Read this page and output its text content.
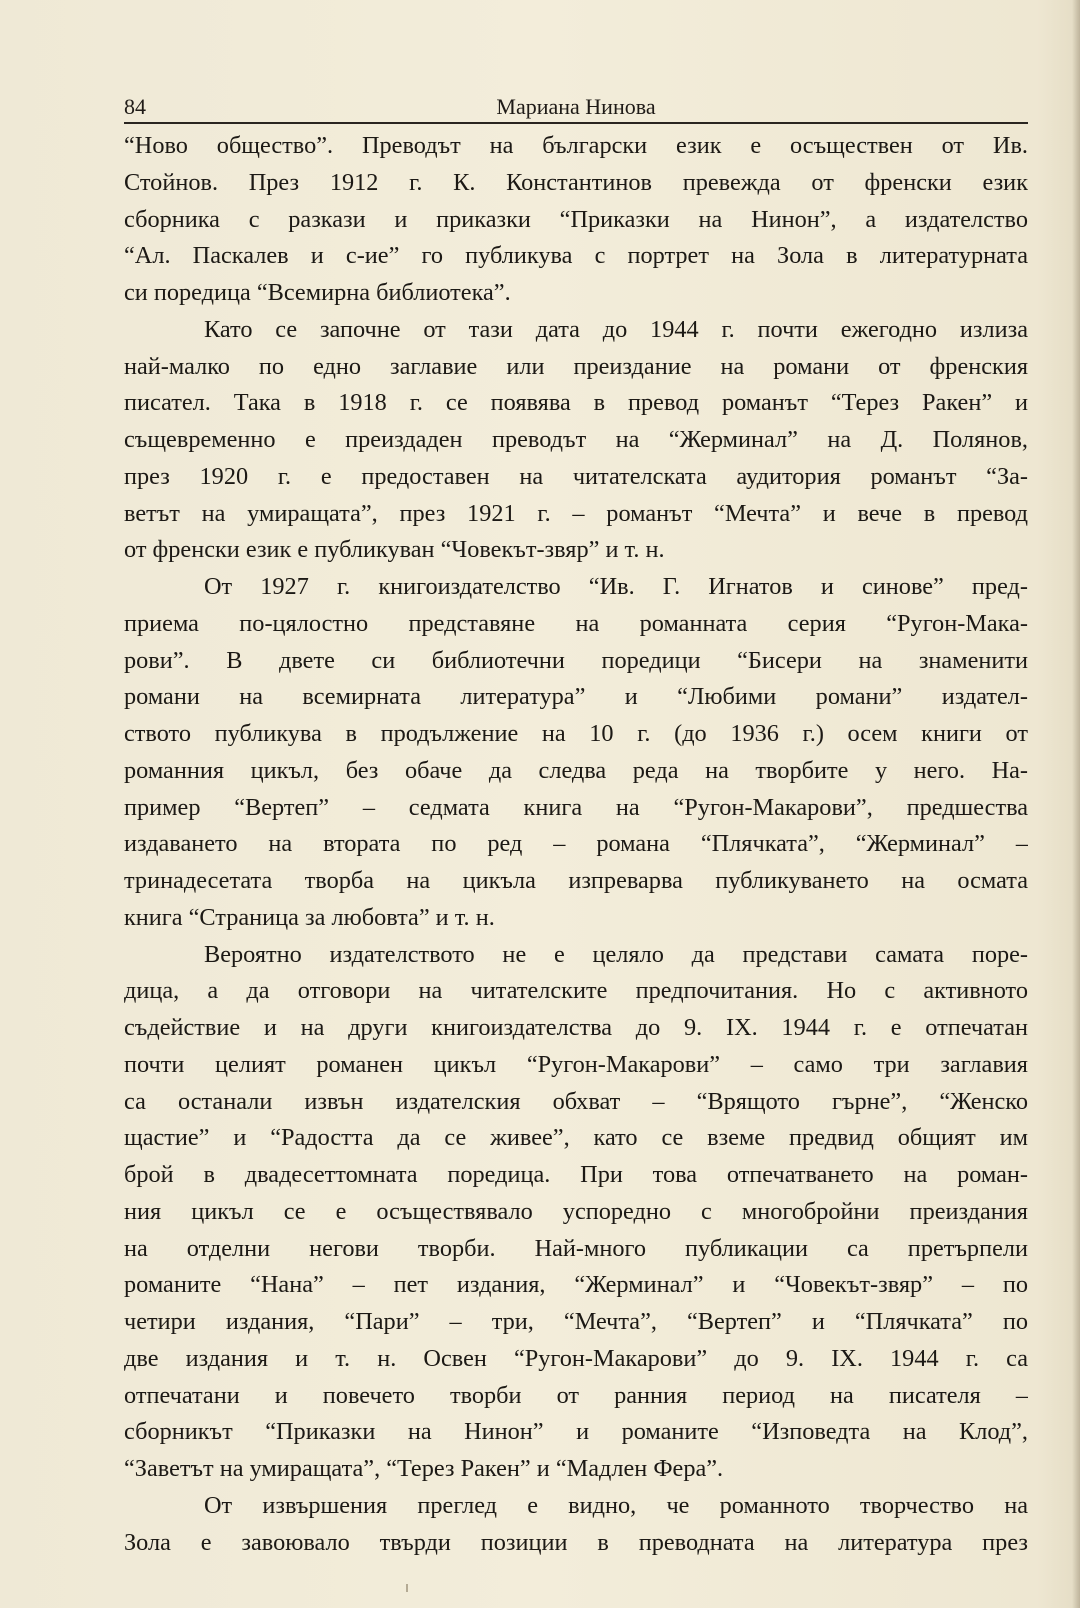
84	Мариана Нинова
“Ново общество”. Преводът на български език е осъществен от Ив.
Стойнов. През 1912 г. К. Константинов превежда от френски език
сборника с разкази и приказки “Приказки на Нинон”, а издателство
“Ал. Паскалев и с-ие” го публикува с портрет на Зола в литературната
си поредица “Всемирна библиотека”.
Като се започне от тази дата до 1944 г. почти ежегодно излиза
най-малко по едно заглавие или преиздание на романи от френския
писател. Така в 1918 г. се появява в превод романът “Терез Ракен” и
същевременно е преиздаден преводът на “Жерминал” на Д. Полянов,
през 1920 г. е предоставен на читателската аудитория романът “За-
ветът на умиращата”, през 1921 г. – романът “Мечта” и вече в превод
от френски език е публикуван “Човекът-звяр” и т. н.
От 1927 г. книгоиздателство “Ив. Г. Игнатов и синове” пред-
приема по-цялостно представяне на романната серия “Ругон-Мака-
рови”. В двете си библиотечни поредици “Бисери на знаменити
романи на всемирната литература” и “Любими романи” издател-
ството публикува в продължение на 10 г. (до 1936 г.) осем книги от
романния цикъл, без обаче да следва реда на творбите у него. На-
пример “Вертеп” – седмата книга на “Ругон-Макарови”, предшества
издаването на втората по ред – романа “Плячката”, “Жерминал” –
тринадесетата творба на цикъла изпреварва публикуването на осмата
книга “Страница за любовта” и т. н.
Вероятно издателството не е целяло да представи самата поре-
дица, а да отговори на читателските предпочитания. Но с активното
съдействие и на други книгоиздателства до 9. IX. 1944 г. е отпечатан
почти целият романен цикъл “Ругон-Макарови” – само три заглавия
са останали извън издателския обхват – “Врящото гърне”, “Женско
щастие” и “Радостта да се живее”, като се вземе предвид общият им
брой в двадесеттомната поредица. При това отпечатването на роман-
ния цикъл се е осъществявало успоредно с многобройни преиздания
на отделни негови творби. Най-много публикации са претърпели
романите “Нана” – пет издания, “Жерминал” и “Човекът-звяр” – по
четири издания, “Пари” – три, “Мечта”, “Вертеп” и “Плячката” по
две издания и т. н. Освен “Ругон-Макарови” до 9. IX. 1944 г. са
отпечатани и повечето творби от ранния период на писателя –
сборникът “Приказки на Нинон” и романите “Изповедта на Клод”,
“Заветът на умиращата”, “Терез Ракен” и “Мадлен Фера”.
От извършения преглед е видно, че романното творчество на
Зола е завоювало твърди позиции в преводната на литература през
